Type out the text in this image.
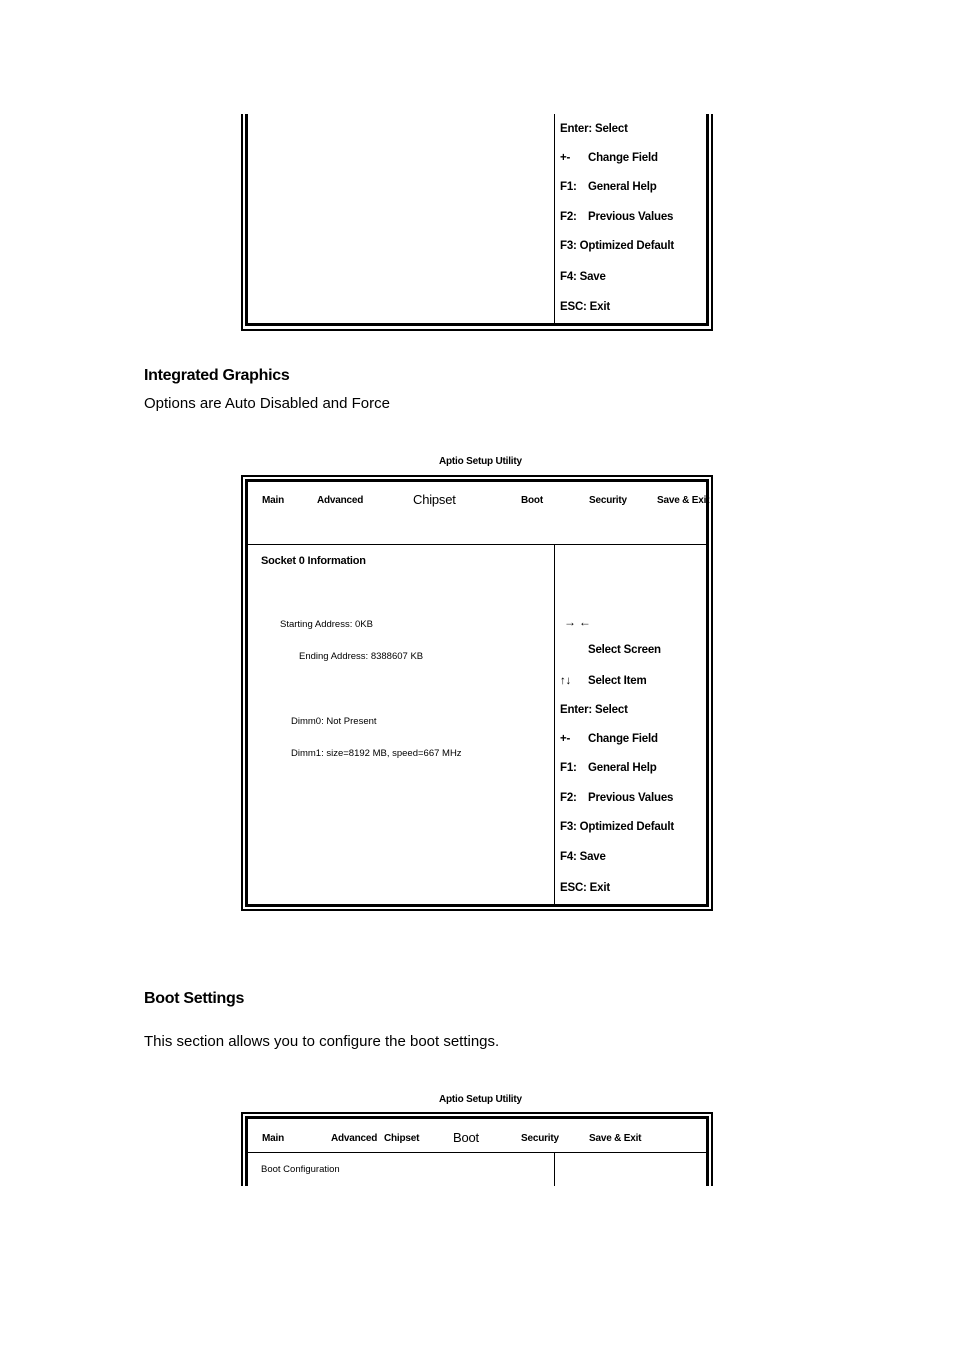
Enter: Select
+- Change Field
F1: General Help
F2: Previous Values
F3: Optimized Default
F4: Save
ESC: Exit
Integrated Graphics
Options are Auto Disabled and Force
Aptio Setup Utility
Main	Advanced	Chipset	Boot	Security	Save & Exit
Socket 0 Information
Starting Address: 0KB
Ending Address: 8388607 KB
Dimm0: Not Present
Dimm1: size=8192 MB, speed=667 MHz
→ ←
Select Screen
↑↓ Select Item
Enter: Select
+- Change Field
F1: General Help
F2: Previous Values
F3: Optimized Default
F4: Save
ESC: Exit
Boot Settings
This section allows you to configure the boot settings.
Aptio Setup Utility
Main	Advanced Chipset	Boot	Security	Save & Exit
Boot Configuration
